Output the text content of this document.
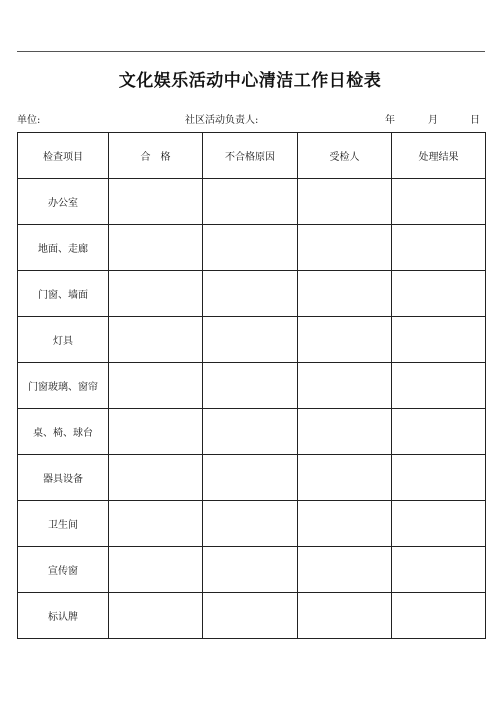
文化娱乐活动中心清洁工作日检表
单位:	社区活动负责人:	年	月	日
检查项目	合　格	不合格原因	受检人	处理结果
办公室				
地面、走廊				
门窗、墙面				
灯具				
门窗玻璃、窗帘				
桌、椅、球台				
器具设备				
卫生间				
宣传窗				
标认牌				
